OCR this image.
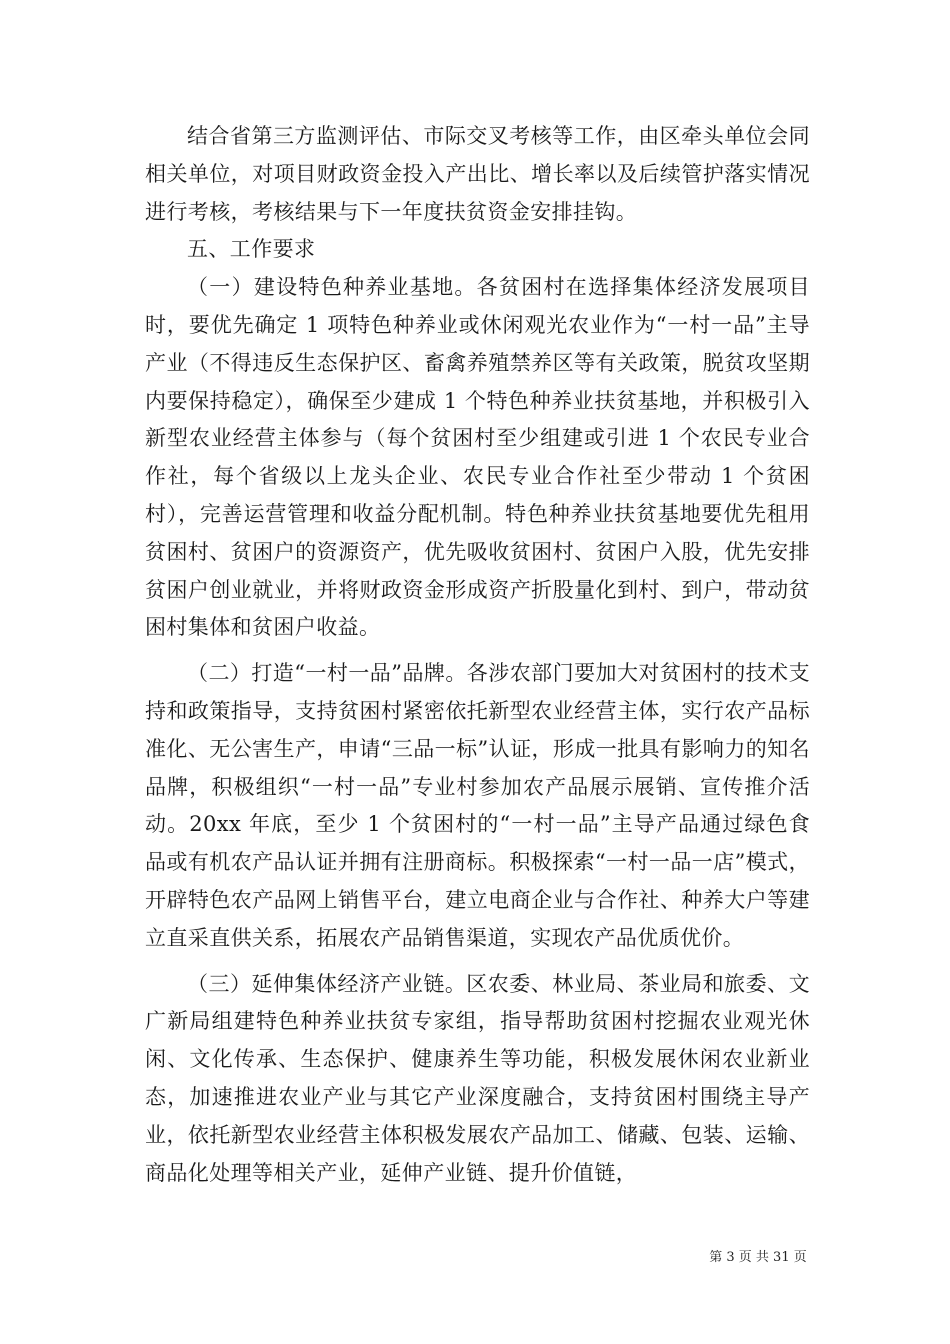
结合省第三方监测评估、市际交叉考核等工作，由区牵头单位会同相关单位，对项目财政资金投入产出比、增长率以及后续管护落实情况进行考核，考核结果与下一年度扶贫资金安排挂钩。

五、工作要求

（一）建设特色种养业基地。各贫困村在选择集体经济发展项目时，要优先确定 1 项特色种养业或休闲观光农业作为“一村一品”主导产业（不得违反生态保护区、畜禽养殖禁养区等有关政策，脱贫攻坚期内要保持稳定），确保至少建成 1 个特色种养业扶贫基地，并积极引入新型农业经营主体参与（每个贫困村至少组建或引进 1 个农民专业合作社，每个省级以上龙头企业、农民专业合作社至少带动 1 个贫困村），完善运营管理和收益分配机制。特色种养业扶贫基地要优先租用贫困村、贫困户的资源资产，优先吸收贫困村、贫困户入股，优先安排贫困户创业就业，并将财政资金形成资产折股量化到村、到户，带动贫困村集体和贫困户收益。

（二）打造“一村一品”品牌。各涉农部门要加大对贫困村的技术支持和政策指导，支持贫困村紧密依托新型农业经营主体，实行农产品标准化、无公害生产，申请“三品一标”认证，形成一批具有影响力的知名品牌，积极组织“一村一品”专业村参加农产品展示展销、宣传推介活动。20xx 年底，至少 1 个贫困村的“一村一品”主导产品通过绿色食品或有机农产品认证并拥有注册商标。积极探索“一村一品一店”模式，开辟特色农产品网上销售平台，建立电商企业与合作社、种养大户等建立直采直供关系，拓展农产品销售渠道，实现农产品优质优价。

（三）延伸集体经济产业链。区农委、林业局、茶业局和旅委、文广新局组建特色种养业扶贫专家组，指导帮助贫困村挖掘农业观光休闲、文化传承、生态保护、健康养生等功能，积极发展休闲农业新业态，加速推进农业产业与其它产业深度融合，支持贫困村围绕主导产业，依托新型农业经营主体积极发展农产品加工、储藏、包装、运输、商品化处理等相关产业，延伸产业链、提升价值链，

第 3 页 共 31 页
